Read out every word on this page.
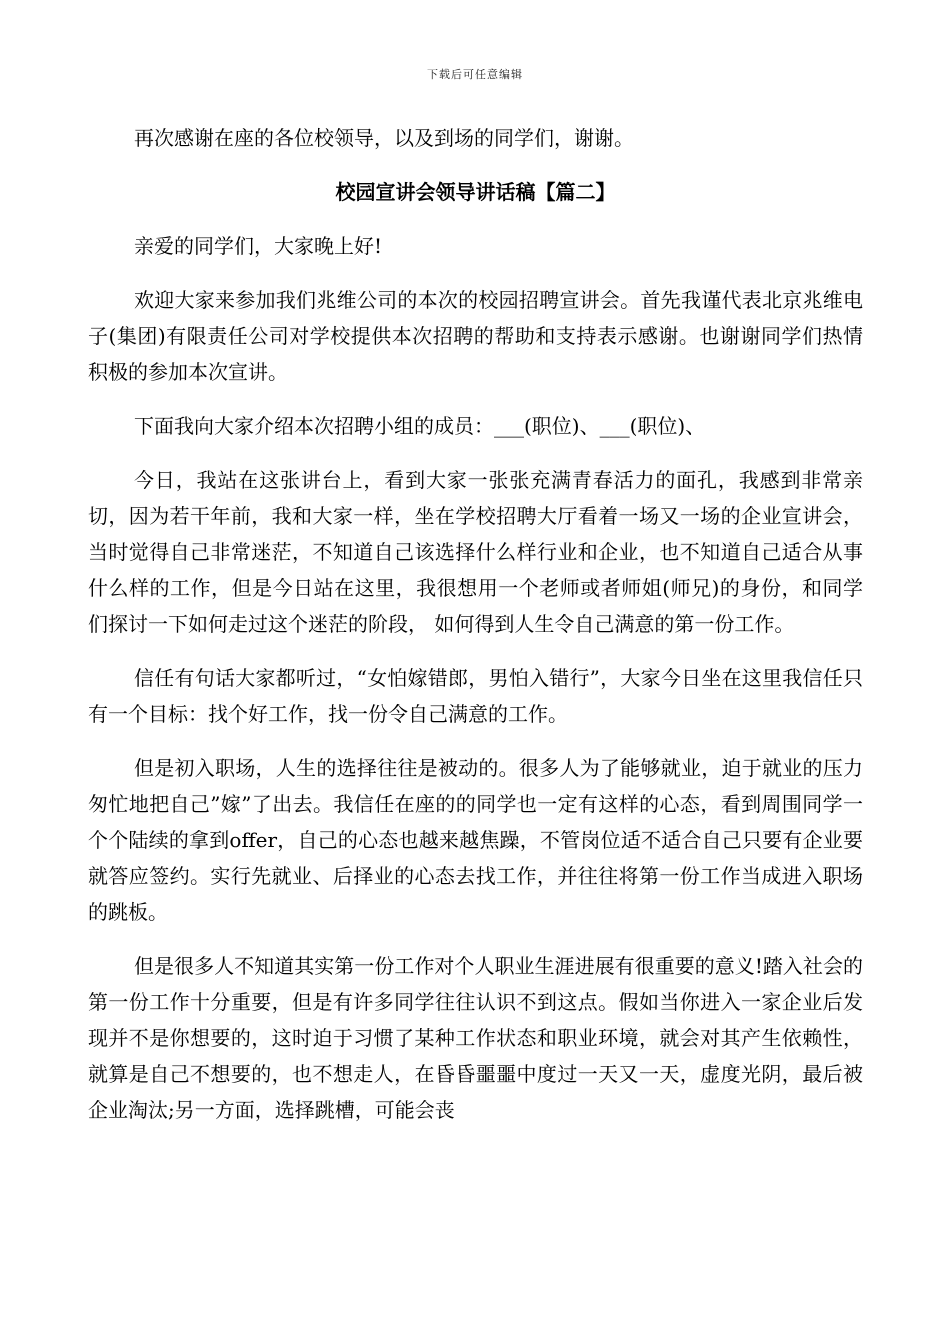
下载后可任意编辑

再次感谢在座的各位校领导，以及到场的同学们，谢谢。

校园宣讲会领导讲话稿【篇二】

亲爱的同学们，大家晚上好!

欢迎大家来参加我们兆维公司的本次的校园招聘宣讲会。首先我谨代表北京兆维电子(集团)有限责任公司对学校提供本次招聘的帮助和支持表示感谢。也谢谢同学们热情积极的参加本次宣讲。

下面我向大家介绍本次招聘小组的成员：___(职位)、___(职位)、

今日，我站在这张讲台上，看到大家一张张充满青春活力的面孔，我感到非常亲切，因为若干年前，我和大家一样，坐在学校招聘大厅看着一场又一场的企业宣讲会，当时觉得自己非常迷茫，不知道自己该选择什么样行业和企业，也不知道自己适合从事什么样的工作，但是今日站在这里，我很想用一个老师或者师姐(师兄)的身份，和同学们探讨一下如何走过这个迷茫的阶段， 如何得到人生令自己满意的第一份工作。

信任有句话大家都听过，“女怕嫁错郎，男怕入错行”，大家今日坐在这里我信任只有一个目标：找个好工作，找一份令自己满意的工作。

但是初入职场，人生的选择往往是被动的。很多人为了能够就业，迫于就业的压力匆忙地把自己”嫁”了出去。我信任在座的的同学也一定有这样的心态，看到周围同学一个个陆续的拿到offer，自己的心态也越来越焦躁，不管岗位适不适合自己只要有企业要就答应签约。实行先就业、后择业的心态去找工作，并往往将第一份工作当成进入职场的跳板。

但是很多人不知道其实第一份工作对个人职业生涯进展有很重要的意义!踏入社会的第一份工作十分重要，但是有许多同学往往认识不到这点。假如当你进入一家企业后发现并不是你想要的，这时迫于习惯了某种工作状态和职业环境，就会对其产生依赖性，就算是自己不想要的，也不想走人，在昏昏噩噩中度过一天又一天，虚度光阴，最后被企业淘汰;另一方面，选择跳槽，可能会丧
